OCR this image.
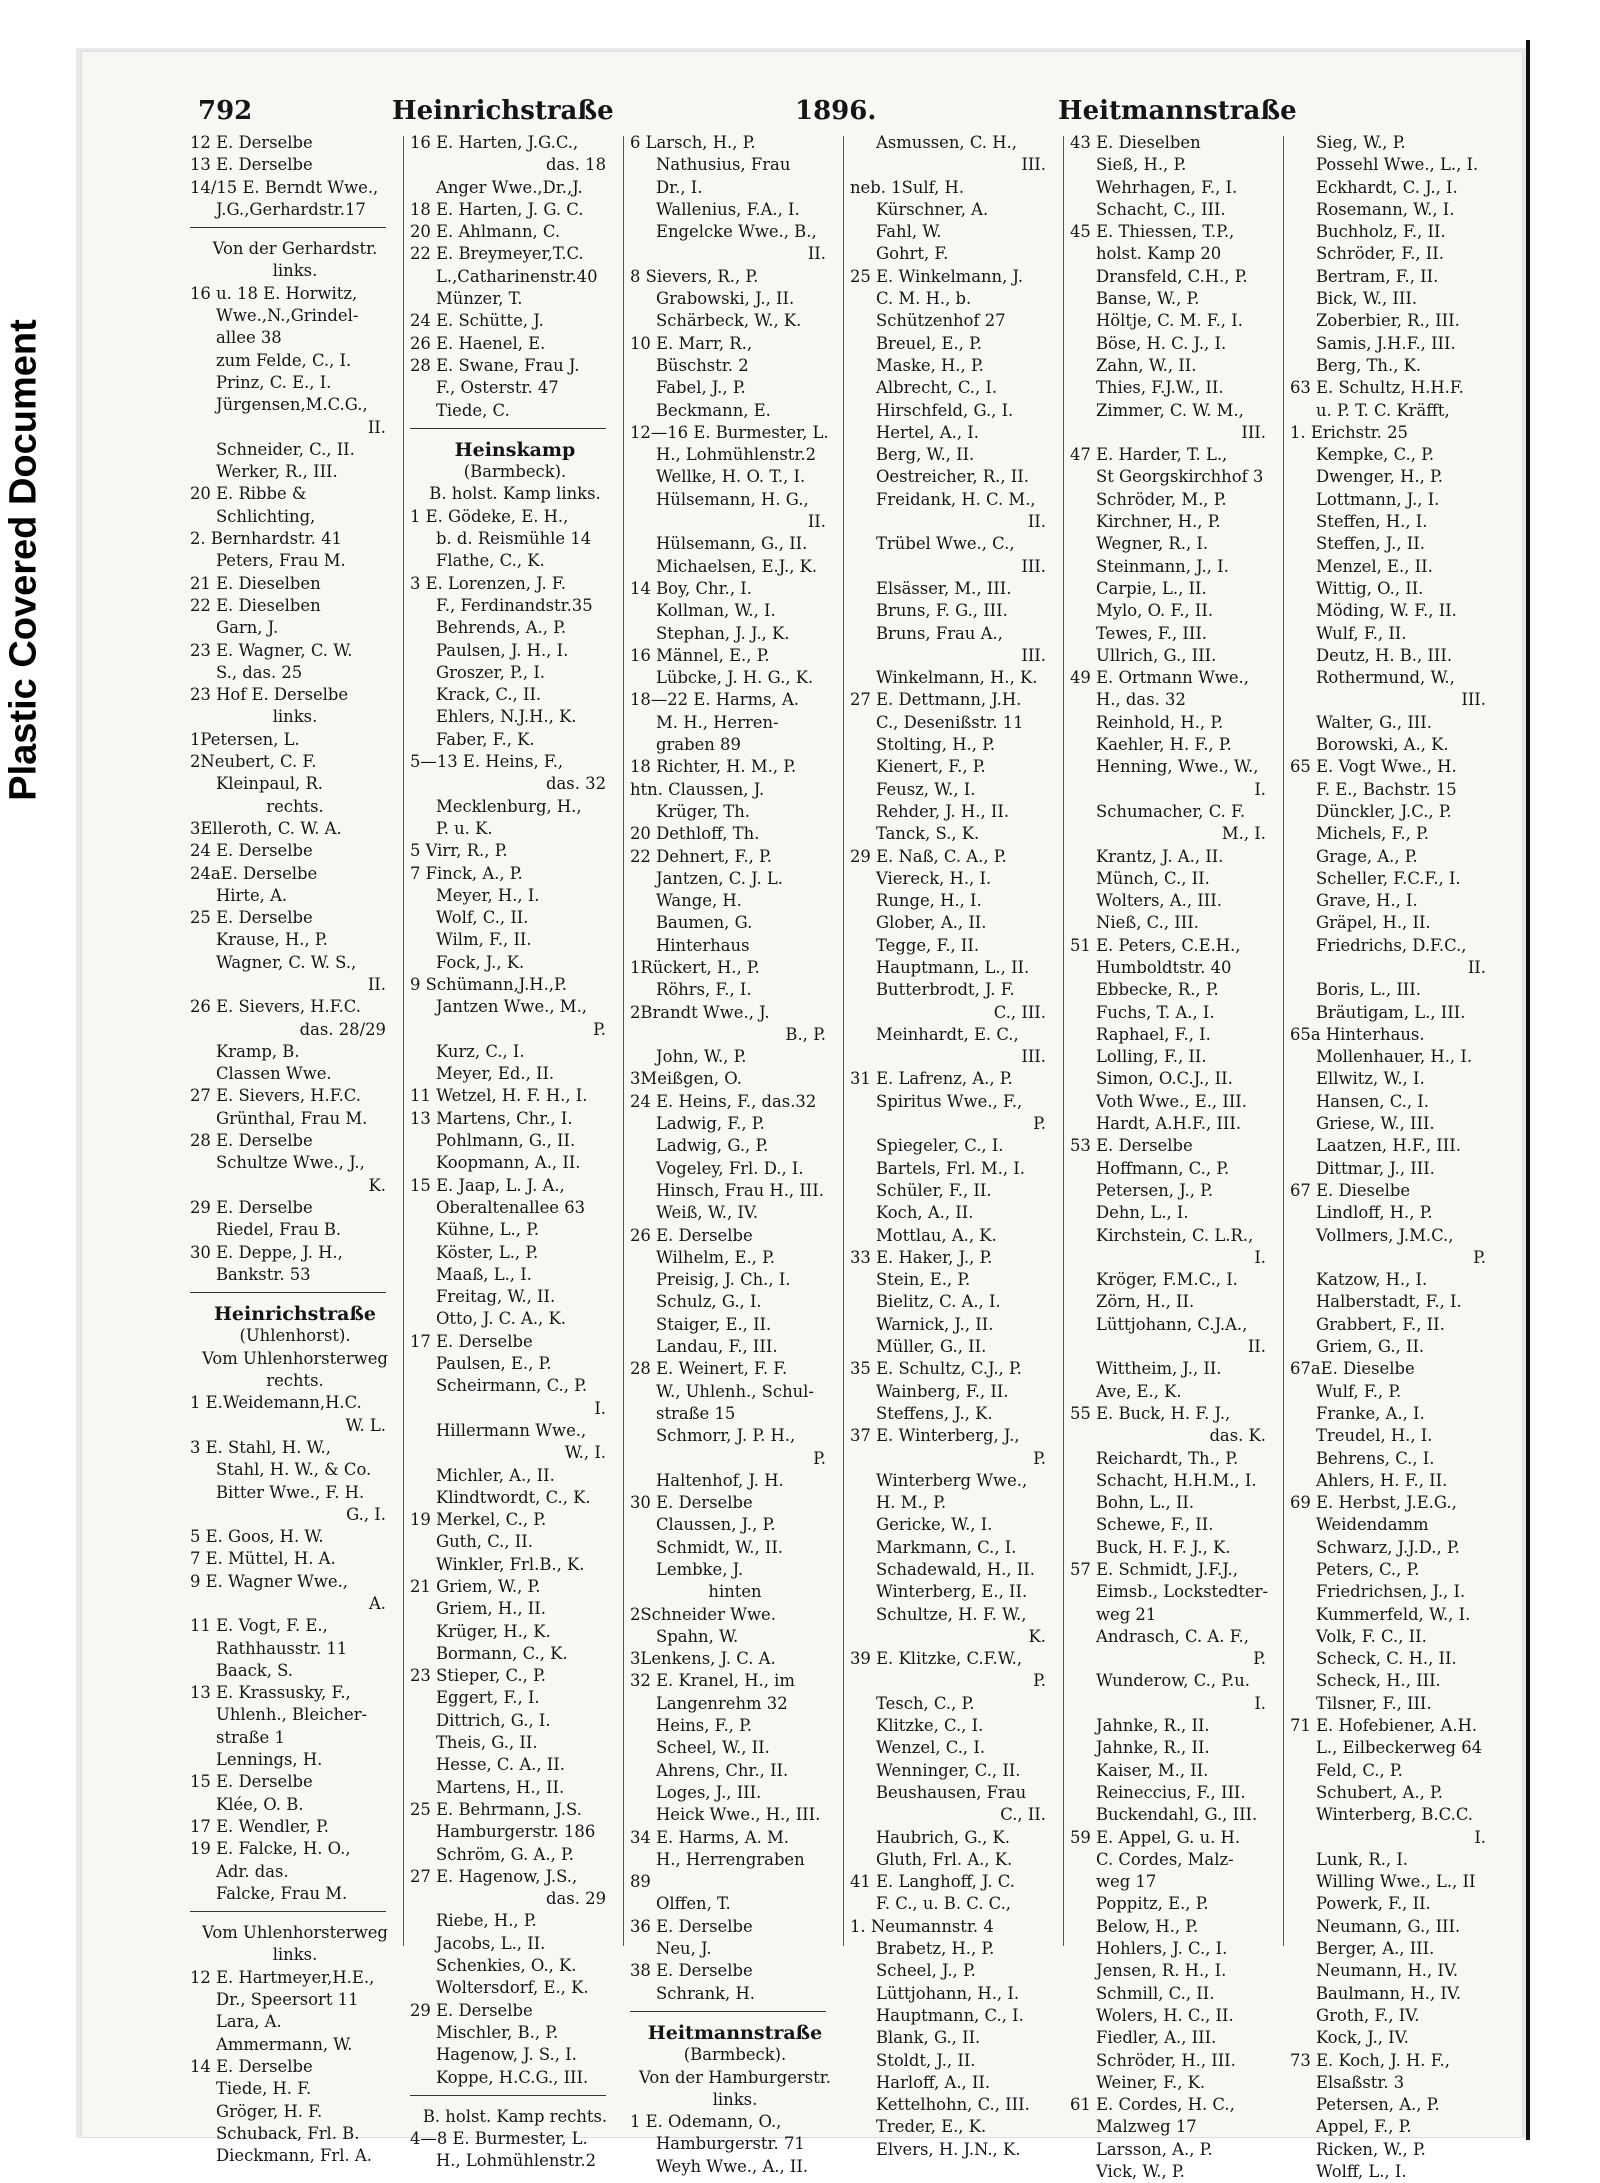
Plastic Covered Document
792	Heinrichstraße	1896.	Heitmannstraße
12 E. Derselbe
13 E. Derselbe
14/15 E. Berndt Wwe.,
J.G.,Gerhardstr.17
Von der Gerhardstr.
links.
16 u. 18 E. Horwitz,
Wwe.,N.,Grindel-
allee 38
zum Felde, C., I.
Prinz, C. E., I.
Jürgensen,M.C.G.,
II.
Schneider, C., II.
Werker, R., III.
20 E. Ribbe &
Schlichting,
2. Bernhardstr. 41
Peters, Frau M.
21 E. Dieselben
22 E. Dieselben
Garn, J.
23 E. Wagner, C. W.
S., das. 25
23 Hof E. Derselbe
links.
1Petersen, L.
2Neubert, C. F.
Kleinpaul, R.
rechts.
3Elleroth, C. W. A.
24 E. Derselbe
24aE. Derselbe
Hirte, A.
25 E. Derselbe
Krause, H., P.
Wagner, C. W. S.,
II.
26 E. Sievers, H.F.C.
das. 28/29
Kramp, B.
Classen Wwe.
27 E. Sievers, H.F.C.
Grünthal, Frau M.
28 E. Derselbe
Schultze Wwe., J.,
K.
29 E. Derselbe
Riedel, Frau B.
30 E. Deppe, J. H.,
Bankstr. 53
Heinrichstraße
(Uhlenhorst).
Vom Uhlenhorsterweg
rechts.
1 E.Weidemann,H.C.
W. L.
3 E. Stahl, H. W.,
Stahl, H. W., & Co.
Bitter Wwe., F. H.
G., I.
5 E. Goos, H. W.
7 E. Müttel, H. A.
9 E. Wagner Wwe.,
A.
11 E. Vogt, F. E.,
Rathhausstr. 11
Baack, S.
13 E. Krassusky, F.,
Uhlenh., Bleicher-
straße 1
Lennings, H.
15 E. Derselbe
Klée, O. B.
17 E. Wendler, P.
19 E. Falcke, H. O.,
Adr. das.
Falcke, Frau M.
Vom Uhlenhorsterweg
links.
12 E. Hartmeyer,H.E.,
Dr., Speersort 11
Lara, A.
Ammermann, W.
14 E. Derselbe
Tiede, H. F.
Gröger, H. F.
Schuback, Frl. B.
Dieckmann, Frl. A.
16 E. Harten, J.G.C.,
das. 18
Anger Wwe.,Dr.,J.
18 E. Harten, J. G. C.
20 E. Ahlmann, C.
22 E. Breymeyer,T.C.
L.,Catharinenstr.40
Münzer, T.
24 E. Schütte, J.
26 E. Haenel, E.
28 E. Swane, Frau J.
F., Osterstr. 47
Tiede, C.
Heinskamp
(Barmbeck).
B. holst. Kamp links.
1 E. Gödeke, E. H.,
b. d. Reismühle 14
Flathe, C., K.
3 E. Lorenzen, J. F.
F., Ferdinandstr.35
Behrends, A., P.
Paulsen, J. H., I.
Groszer, P., I.
Krack, C., II.
Ehlers, N.J.H., K.
Faber, F., K.
5—13 E. Heins, F.,
das. 32
Mecklenburg, H.,
P. u. K.
5 Virr, R., P.
7 Finck, A., P.
Meyer, H., I.
Wolf, C., II.
Wilm, F., II.
Fock, J., K.
9 Schümann,J.H.,P.
Jantzen Wwe., M.,
P.
Kurz, C., I.
Meyer, Ed., II.
11 Wetzel, H. F. H., I.
13 Martens, Chr., I.
Pohlmann, G., II.
Koopmann, A., II.
15 E. Jaap, L. J. A.,
Oberaltenallee 63
Kühne, L., P.
Köster, L., P.
Maaß, L., I.
Freitag, W., II.
Otto, J. C. A., K.
17 E. Derselbe
Paulsen, E., P.
Scheirmann, C., P.
I.
Hillermann Wwe.,
W., I.
Michler, A., II.
Klindtwordt, C., K.
19 Merkel, C., P.
Guth, C., II.
Winkler, Frl.B., K.
21 Griem, W., P.
Griem, H., II.
Krüger, H., K.
Bormann, C., K.
23 Stieper, C., P.
Eggert, F., I.
Dittrich, G., I.
Theis, G., II.
Hesse, C. A., II.
Martens, H., II.
25 E. Behrmann, J.S.
Hamburgerstr. 186
Schröm, G. A., P.
27 E. Hagenow, J.S.,
das. 29
Riebe, H., P.
Jacobs, L., II.
Schenkies, O., K.
Woltersdorf, E., K.
29 E. Derselbe
Mischler, B., P.
Hagenow, J. S., I.
Koppe, H.C.G., III.
B. holst. Kamp rechts.
4—8 E. Burmester, L.
H., Lohmühlenstr.2
6 Larsch, H., P.
Nathusius, Frau
Dr., I.
Wallenius, F.A., I.
Engelcke Wwe., B.,
II.
8 Sievers, R., P.
Grabowski, J., II.
Schärbeck, W., K.
10 E. Marr, R.,
Büschstr. 2
Fabel, J., P.
Beckmann, E.
12—16 E. Burmester, L.
H., Lohmühlenstr.2
Wellke, H. O. T., I.
Hülsemann, H. G.,
II.
Hülsemann, G., II.
Michaelsen, E.J., K.
14 Boy, Chr., I.
Kollman, W., I.
Stephan, J. J., K.
16 Männel, E., P.
Lübcke, J. H. G., K.
18—22 E. Harms, A.
M. H., Herren-
graben 89
18 Richter, H. M., P.
htn. Claussen, J.
Krüger, Th.
20 Dethloff, Th.
22 Dehnert, F., P.
Jantzen, C. J. L.
Wange, H.
Baumen, G.
Hinterhaus
1Rückert, H., P.
Röhrs, F., I.
2Brandt Wwe., J.
B., P.
John, W., P.
3Meißgen, O.
24 E. Heins, F., das.32
Ladwig, F., P.
Ladwig, G., P.
Vogeley, Frl. D., I.
Hinsch, Frau H., III.
Weiß, W., IV.
26 E. Derselbe
Wilhelm, E., P.
Preisig, J. Ch., I.
Schulz, G., I.
Staiger, E., II.
Landau, F., III.
28 E. Weinert, F. F.
W., Uhlenh., Schul-
straße 15
Schmorr, J. P. H.,
P.
Haltenhof, J. H.
30 E. Derselbe
Claussen, J., P.
Schmidt, W., II.
Lembke, J.
hinten
2Schneider Wwe.
Spahn, W.
3Lenkens, J. C. A.
32 E. Kranel, H., im
Langenrehm 32
Heins, F., P.
Scheel, W., II.
Ahrens, Chr., II.
Loges, J., III.
Heick Wwe., H., III.
34 E. Harms, A. M.
H., Herrengraben
89
Olffen, T.
36 E. Derselbe
Neu, J.
38 E. Derselbe
Schrank, H.
Heitmannstraße
(Barmbeck).
Von der Hamburgerstr.
links.
1 E. Odemann, O.,
Hamburgerstr. 71
Weyh Wwe., A., II.
Asmussen, C. H.,
III.
neb. 1Sulf, H.
Kürschner, A.
Fahl, W.
Gohrt, F.
25 E. Winkelmann, J.
C. M. H., b.
Schützenhof 27
Breuel, E., P.
Maske, H., P.
Albrecht, C., I.
Hirschfeld, G., I.
Hertel, A., I.
Berg, W., II.
Oestreicher, R., II.
Freidank, H. C. M.,
II.
Trübel Wwe., C.,
III.
Elsässer, M., III.
Bruns, F. G., III.
Bruns, Frau A.,
III.
Winkelmann, H., K.
27 E. Dettmann, J.H.
C., Desenißstr. 11
Stolting, H., P.
Kienert, F., P.
Feusz, W., I.
Rehder, J. H., II.
Tanck, S., K.
29 E. Naß, C. A., P.
Viereck, H., I.
Runge, H., I.
Glober, A., II.
Tegge, F., II.
Hauptmann, L., II.
Butterbrodt, J. F.
C., III.
Meinhardt, E. C.,
III.
31 E. Lafrenz, A., P.
Spiritus Wwe., F.,
P.
Spiegeler, C., I.
Bartels, Frl. M., I.
Schüler, F., II.
Koch, A., II.
Mottlau, A., K.
33 E. Haker, J., P.
Stein, E., P.
Bielitz, C. A., I.
Warnick, J., II.
Müller, G., II.
35 E. Schultz, C.J., P.
Wainberg, F., II.
Steffens, J., K.
37 E. Winterberg, J.,
P.
Winterberg Wwe.,
H. M., P.
Gericke, W., I.
Markmann, C., I.
Schadewald, H., II.
Winterberg, E., II.
Schultze, H. F. W.,
K.
39 E. Klitzke, C.F.W.,
P.
Tesch, C., P.
Klitzke, C., I.
Wenzel, C., I.
Wenninger, C., II.
Beushausen, Frau
C., II.
Haubrich, G., K.
Gluth, Frl. A., K.
41 E. Langhoff, J. C.
F. C., u. B. C. C.,
1. Neumannstr. 4
Brabetz, H., P.
Scheel, J., P.
Lüttjohann, H., I.
Hauptmann, C., I.
Blank, G., II.
Stoldt, J., II.
Harloff, A., II.
Kettelhohn, C., III.
Treder, E., K.
Elvers, H. J.N., K.
43 E. Dieselben
Sieß, H., P.
Wehrhagen, F., I.
Schacht, C., III.
45 E. Thiessen, T.P.,
holst. Kamp 20
Dransfeld, C.H., P.
Banse, W., P.
Höltje, C. M. F., I.
Böse, H. C. J., I.
Zahn, W., II.
Thies, F.J.W., II.
Zimmer, C. W. M.,
III.
47 E. Harder, T. L.,
St Georgskirchhof 3
Schröder, M., P.
Kirchner, H., P.
Wegner, R., I.
Steinmann, J., I.
Carpie, L., II.
Mylo, O. F., II.
Tewes, F., III.
Ullrich, G., III.
49 E. Ortmann Wwe.,
H., das. 32
Reinhold, H., P.
Kaehler, H. F., P.
Henning, Wwe., W.,
I.
Schumacher, C. F.
M., I.
Krantz, J. A., II.
Münch, C., II.
Wolters, A., III.
Nieß, C., III.
51 E. Peters, C.E.H.,
Humboldtstr. 40
Ebbecke, R., P.
Fuchs, T. A., I.
Raphael, F., I.
Lolling, F., II.
Simon, O.C.J., II.
Voth Wwe., E., III.
Hardt, A.H.F., III.
53 E. Derselbe
Hoffmann, C., P.
Petersen, J., P.
Dehn, L., I.
Kirchstein, C. L.R.,
I.
Kröger, F.M.C., I.
Zörn, H., II.
Lüttjohann, C.J.A.,
II.
Wittheim, J., II.
Ave, E., K.
55 E. Buck, H. F. J.,
das. K.
Reichardt, Th., P.
Schacht, H.H.M., I.
Bohn, L., II.
Schewe, F., II.
Buck, H. F. J., K.
57 E. Schmidt, J.F.J.,
Eimsb., Lockstedter-
weg 21
Andrasch, C. A. F.,
P.
Wunderow, C., P.u.
I.
Jahnke, R., II.
Jahnke, R., II.
Kaiser, M., II.
Reineccius, F., III.
Buckendahl, G., III.
59 E. Appel, G. u. H.
C. Cordes, Malz-
weg 17
Poppitz, E., P.
Below, H., P.
Hohlers, J. C., I.
Jensen, R. H., I.
Schmill, C., II.
Wolers, H. C., II.
Fiedler, A., III.
Schröder, H., III.
Weiner, F., K.
61 E. Cordes, H. C.,
Malzweg 17
Larsson, A., P.
Vick, W., P.
Sieg, W., P.
Possehl Wwe., L., I.
Eckhardt, C. J., I.
Rosemann, W., I.
Buchholz, F., II.
Schröder, F., II.
Bertram, F., II.
Bick, W., III.
Zoberbier, R., III.
Samis, J.H.F., III.
Berg, Th., K.
63 E. Schultz, H.H.F.
u. P. T. C. Kräfft,
1. Erichstr. 25
Kempke, C., P.
Dwenger, H., P.
Lottmann, J., I.
Steffen, H., I.
Steffen, J., II.
Menzel, E., II.
Wittig, O., II.
Möding, W. F., II.
Wulf, F., II.
Deutz, H. B., III.
Rothermund, W.,
III.
Walter, G., III.
Borowski, A., K.
65 E. Vogt Wwe., H.
F. E., Bachstr. 15
Dünckler, J.C., P.
Michels, F., P.
Grage, A., P.
Scheller, F.C.F., I.
Grave, H., I.
Gräpel, H., II.
Friedrichs, D.F.C.,
II.
Boris, L., III.
Bräutigam, L., III.
65a Hinterhaus.
Mollenhauer, H., I.
Ellwitz, W., I.
Hansen, C., I.
Griese, W., III.
Laatzen, H.F., III.
Dittmar, J., III.
67 E. Dieselbe
Lindloff, H., P.
Vollmers, J.M.C.,
P.
Katzow, H., I.
Halberstadt, F., I.
Grabbert, F., II.
Griem, G., II.
67aE. Dieselbe
Wulf, F., P.
Franke, A., I.
Treudel, H., I.
Behrens, C., I.
Ahlers, H. F., II.
69 E. Herbst, J.E.G.,
Weidendamm
Schwarz, J.J.D., P.
Peters, C., P.
Friedrichsen, J., I.
Kummerfeld, W., I.
Volk, F. C., II.
Scheck, C. H., II.
Scheck, H., III.
Tilsner, F., III.
71 E. Hofebiener, A.H.
L., Eilbeckerweg 64
Feld, C., P.
Schubert, A., P.
Winterberg, B.C.C.
I.
Lunk, R., I.
Willing Wwe., L., II
Powerk, F., II.
Neumann, G., III.
Berger, A., III.
Neumann, H., IV.
Baulmann, H., IV.
Groth, F., IV.
Kock, J., IV.
73 E. Koch, J. H. F.,
Elsaßstr. 3
Petersen, A., P.
Appel, F., P.
Ricken, W., P.
Wolff, L., I.
